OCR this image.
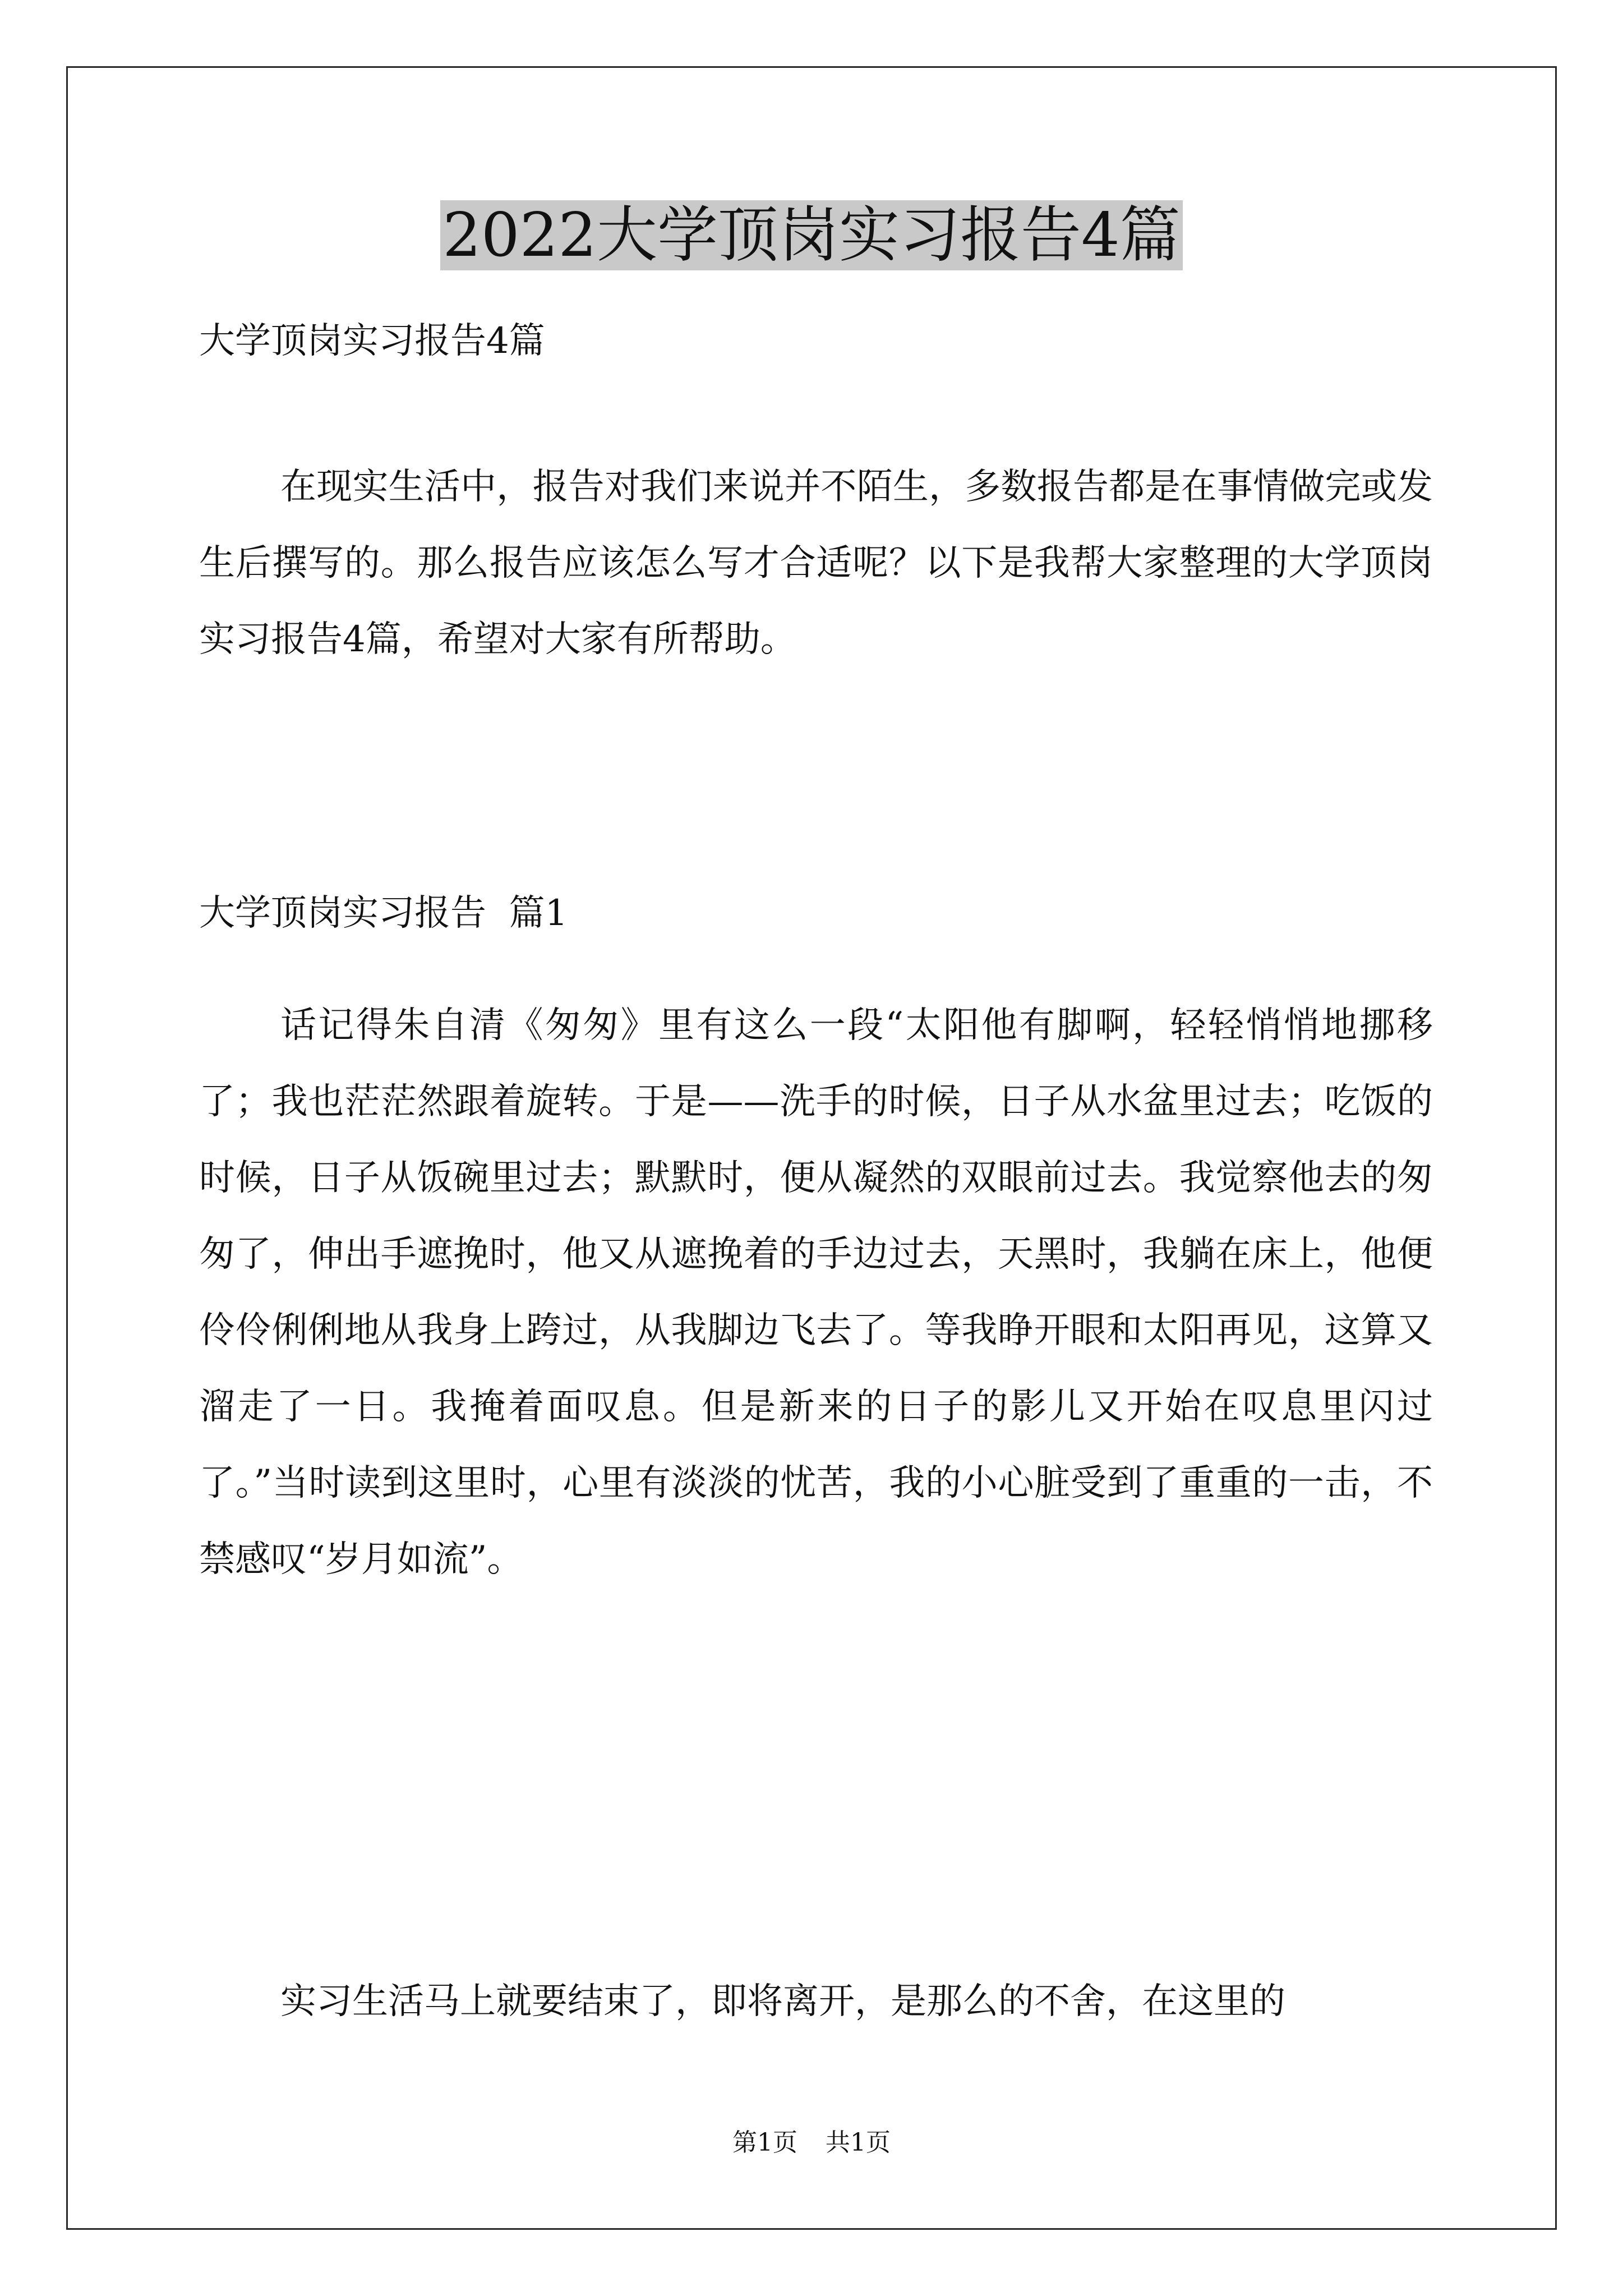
2022大学顶岗实习报告4篇

大学顶岗实习报告4篇

在现实生活中，报告对我们来说并不陌生，多数报告都是在事情做完或发生后撰写的。那么报告应该怎么写才合适呢？以下是我帮大家整理的大学顶岗实习报告4篇，希望对大家有所帮助。

大学顶岗实习报告  篇1

话记得朱自清《匆匆》里有这么一段“太阳他有脚啊，轻轻悄悄地挪移了；我也茫茫然跟着旋转。于是——洗手的时候，日子从水盆里过去；吃饭的时候，日子从饭碗里过去；默默时，便从凝然的双眼前过去。我觉察他去的匆匆了，伸出手遮挽时，他又从遮挽着的手边过去，天黑时，我躺在床上，他便伶伶俐俐地从我身上跨过，从我脚边飞去了。等我睁开眼和太阳再见，这算又溜走了一日。我掩着面叹息。但是新来的日子的影儿又开始在叹息里闪过了。”当时读到这里时，心里有淡淡的忧苦，我的小心脏受到了重重的一击，不禁感叹“岁月如流”。

实习生活马上就要结束了，即将离开，是那么的不舍，在这里的

第1页 共1页
